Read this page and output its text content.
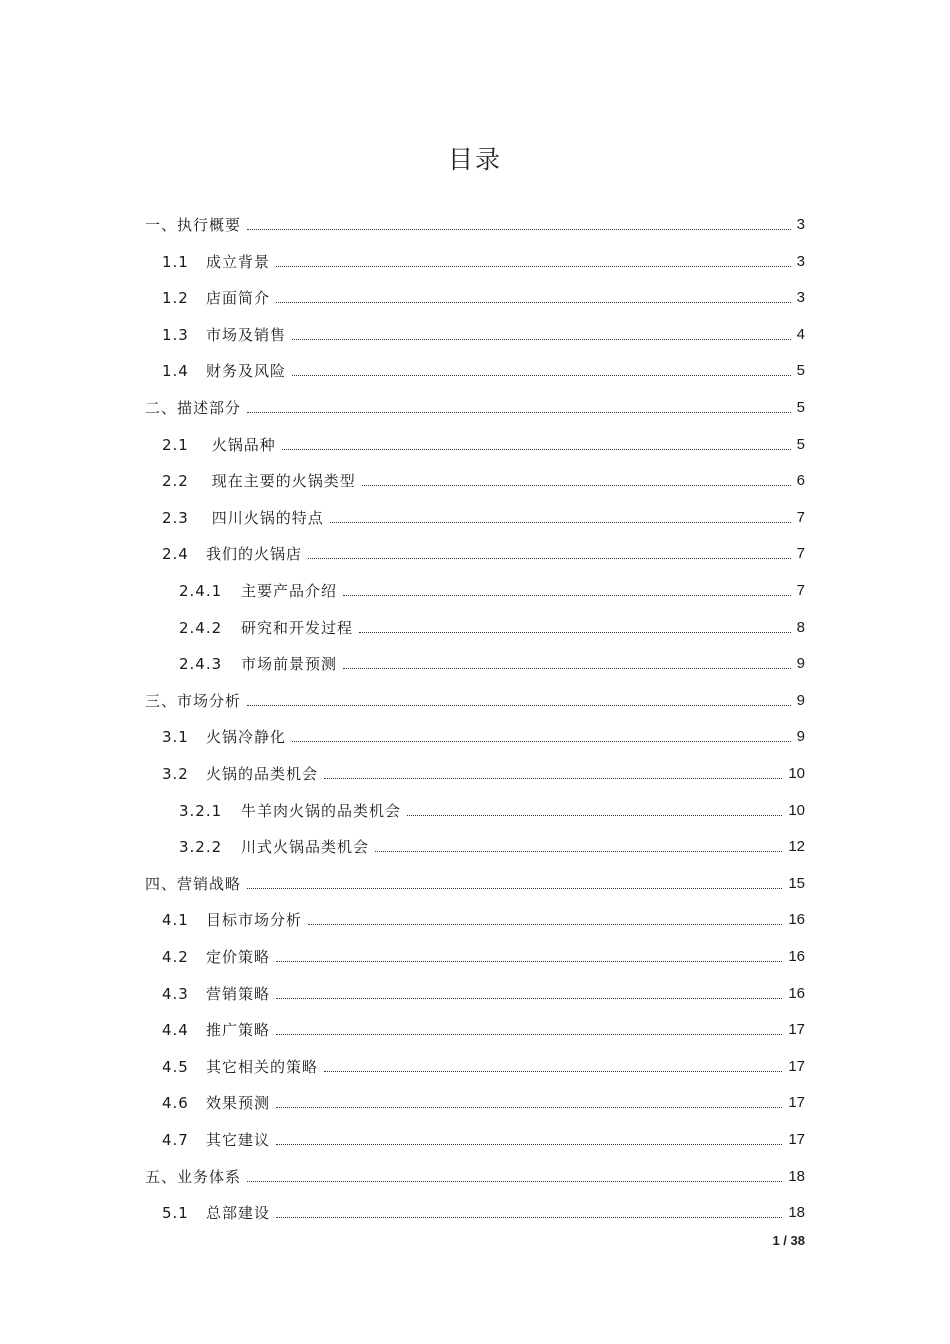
目录
一、执行概要	3
1.1	成立背景	3
1.2	店面简介	3
1.3	市场及销售	4
1.4	财务及风险	5
二、描述部分	5
2.1	火锅品种	5
2.2	现在主要的火锅类型	6
2.3	四川火锅的特点	7
2.4	我们的火锅店	7
2.4.1	主要产品介绍	7
2.4.2	研究和开发过程	8
2.4.3	市场前景预测	9
三、市场分析	9
3.1	火锅冷静化	9
3.2	火锅的品类机会	10
3.2.1	牛羊肉火锅的品类机会	10
3.2.2	川式火锅品类机会	12
四、营销战略	15
4.1	目标市场分析	16
4.2	定价策略	16
4.3	营销策略	16
4.4	推广策略	17
4.5	其它相关的策略	17
4.6	效果预测	17
4.7	其它建议	17
五、业务体系	18
5.1	总部建设	18
1 / 38
